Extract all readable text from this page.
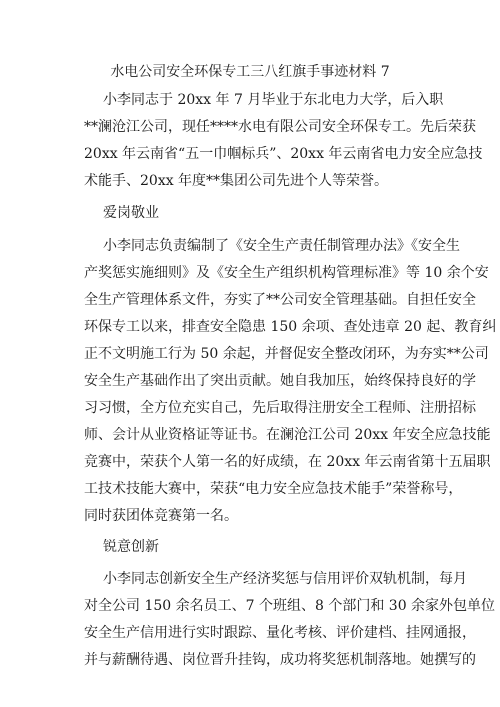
水电公司安全环保专工三八红旗手事迹材料 7
小李同志于 20xx 年 7 月毕业于东北电力大学，后入职
**澜沧江公司，现任****水电有限公司安全环保专工。先后荣获
20xx 年云南省“五一巾帼标兵”、20xx 年云南省电力安全应急技
术能手、20xx 年度**集团公司先进个人等荣誉。
爱岗敬业
小李同志负责编制了《安全生产责任制管理办法》《安全生
产奖惩实施细则》及《安全生产组织机构管理标准》等 10 余个安
全生产管理体系文件，夯实了**公司安全管理基础。自担任安全
环保专工以来，排查安全隐患 150 余项、查处违章 20 起、教育纠
正不文明施工行为 50 余起，并督促安全整改闭环，为夯实**公司
安全生产基础作出了突出贡献。她自我加压，始终保持良好的学
习习惯，全方位充实自己，先后取得注册安全工程师、注册招标
师、会计从业资格证等证书。在澜沧江公司 20xx 年安全应急技能
竞赛中，荣获个人第一名的好成绩，在 20xx 年云南省第十五届职
工技术技能大赛中，荣获“电力安全应急技术能手”荣誉称号，
同时获团体竞赛第一名。
锐意创新
小李同志创新安全生产经济奖惩与信用评价双轨机制，每月
对全公司 150 余名员工、7 个班组、8 个部门和 30 余家外包单位
安全生产信用进行实时跟踪、量化考核、评价建档、挂网通报，
并与薪酬待遇、岗位晋升挂钩，成功将奖惩机制落地。她撰写的
